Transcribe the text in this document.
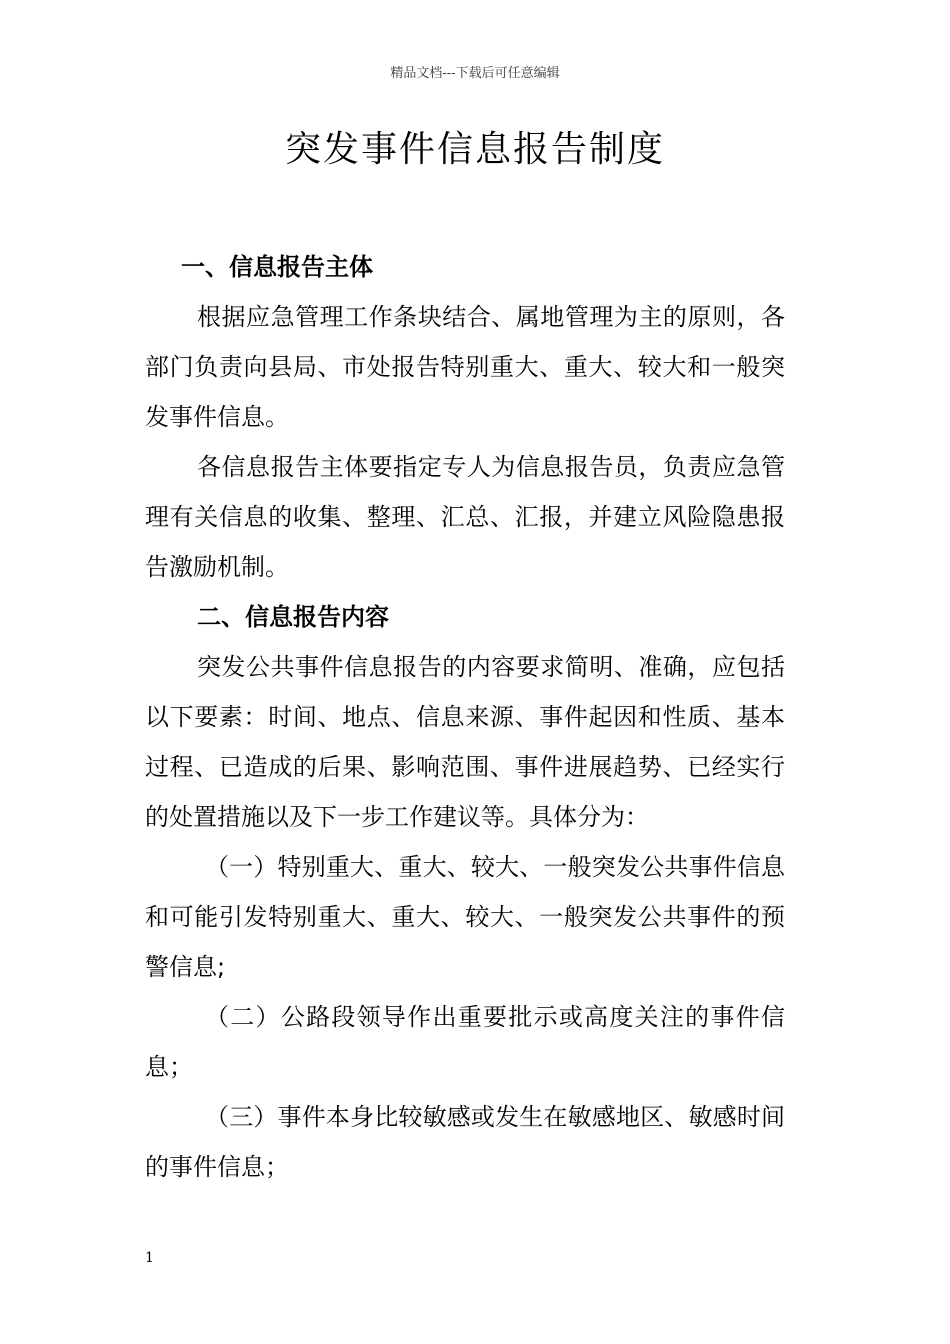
精品文档---下载后可任意编辑
突发事件信息报告制度

一、信息报告主体

根据应急管理工作条块结合、属地管理为主的原则，各部门负责向县局、市处报告特别重大、重大、较大和一般突发事件信息。

各信息报告主体要指定专人为信息报告员，负责应急管理有关信息的收集、整理、汇总、汇报，并建立风险隐患报告激励机制。

二、信息报告内容

突发公共事件信息报告的内容要求简明、准确，应包括以下要素：时间、地点、信息来源、事件起因和性质、基本过程、已造成的后果、影响范围、事件进展趋势、已经实行的处置措施以及下一步工作建议等。具体分为：

（一）特别重大、重大、较大、一般突发公共事件信息和可能引发特别重大、重大、较大、一般突发公共事件的预警信息;

（二）公路段领导作出重要批示或高度关注的事件信息；

（三）事件本身比较敏感或发生在敏感地区、敏感时间的事件信息；

1
